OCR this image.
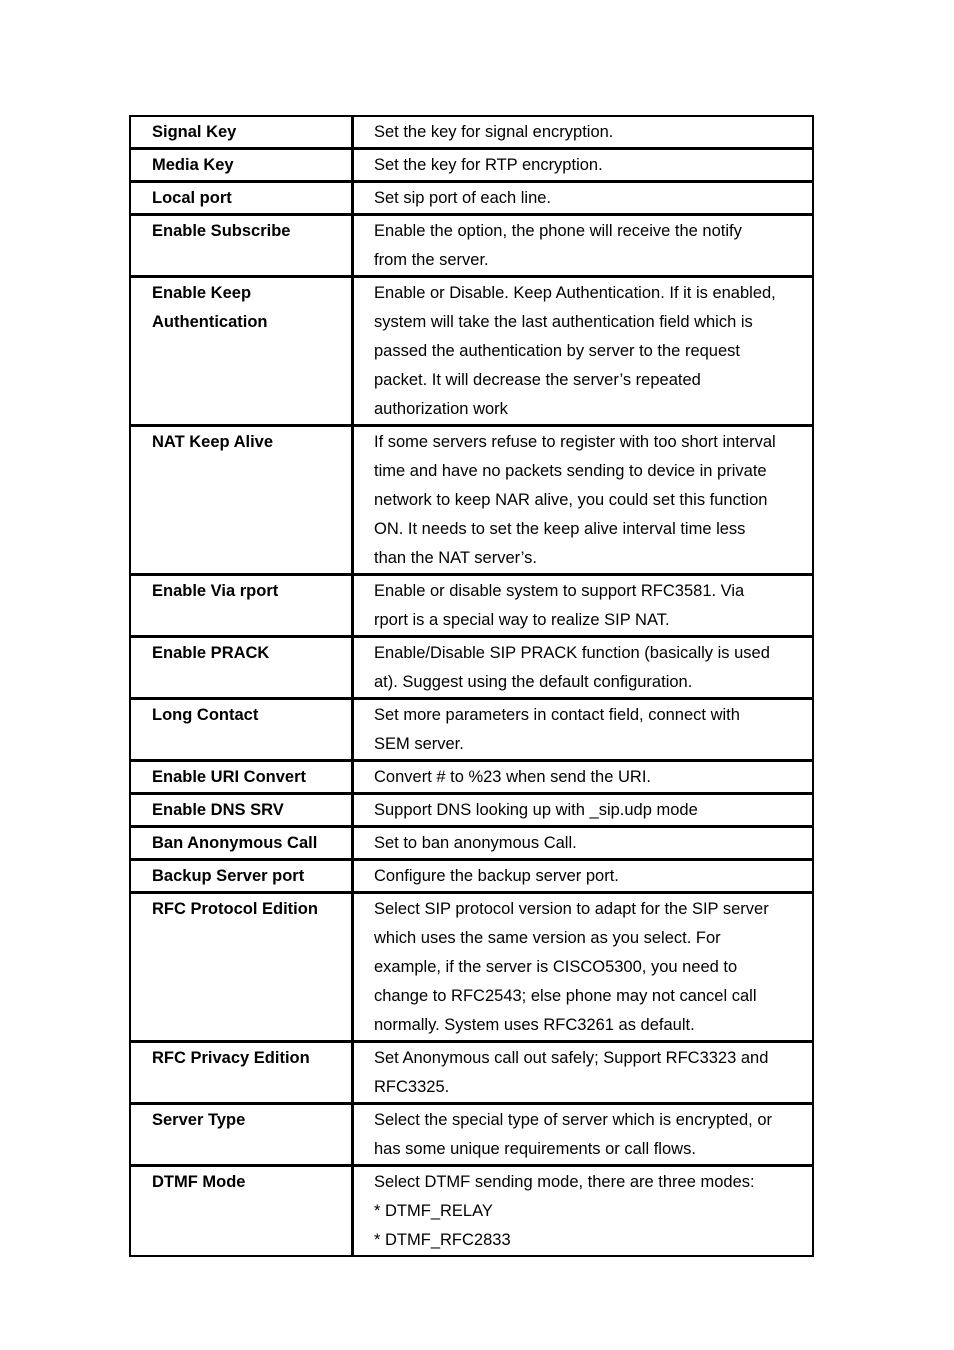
Signal Key	Set the key for signal encryption.
Media Key	Set the key for RTP encryption.
Local port	Set sip port of each line.
Enable Subscribe	Enable the option, the phone will receive the notify
from the server.
Enable Keep
Authentication	Enable or Disable. Keep Authentication. If it is enabled,
system will take the last authentication field which is
passed the authentication by server to the request
packet. It will decrease the server’s repeated
authorization work
NAT Keep Alive	If some servers refuse to register with too short interval
time and have no packets sending to device in private
network to keep NAR alive, you could set this function
ON. It needs to set the keep alive interval time less
than the NAT server’s.
Enable Via rport	Enable or disable system to support RFC3581. Via
rport is a special way to realize SIP NAT.
Enable PRACK	Enable/Disable SIP PRACK function (basically is used
at). Suggest using the default configuration.
Long Contact	Set more parameters in contact field, connect with
SEM server.
Enable URI Convert	Convert # to %23 when send the URI.
Enable DNS SRV	Support DNS looking up with _sip.udp mode
Ban Anonymous Call	Set to ban anonymous Call.
Backup Server port	Configure the backup server port.
RFC Protocol Edition	Select SIP protocol version to adapt for the SIP server
which uses the same version as you select. For
example, if the server is CISCO5300, you need to
change to RFC2543; else phone may not cancel call
normally. System uses RFC3261 as default.
RFC Privacy Edition	Set Anonymous call out safely; Support RFC3323 and
RFC3325.
Server Type	Select the special type of server which is encrypted, or
has some unique requirements or call flows.
DTMF Mode	Select DTMF sending mode, there are three modes:
* DTMF_RELAY
* DTMF_RFC2833
